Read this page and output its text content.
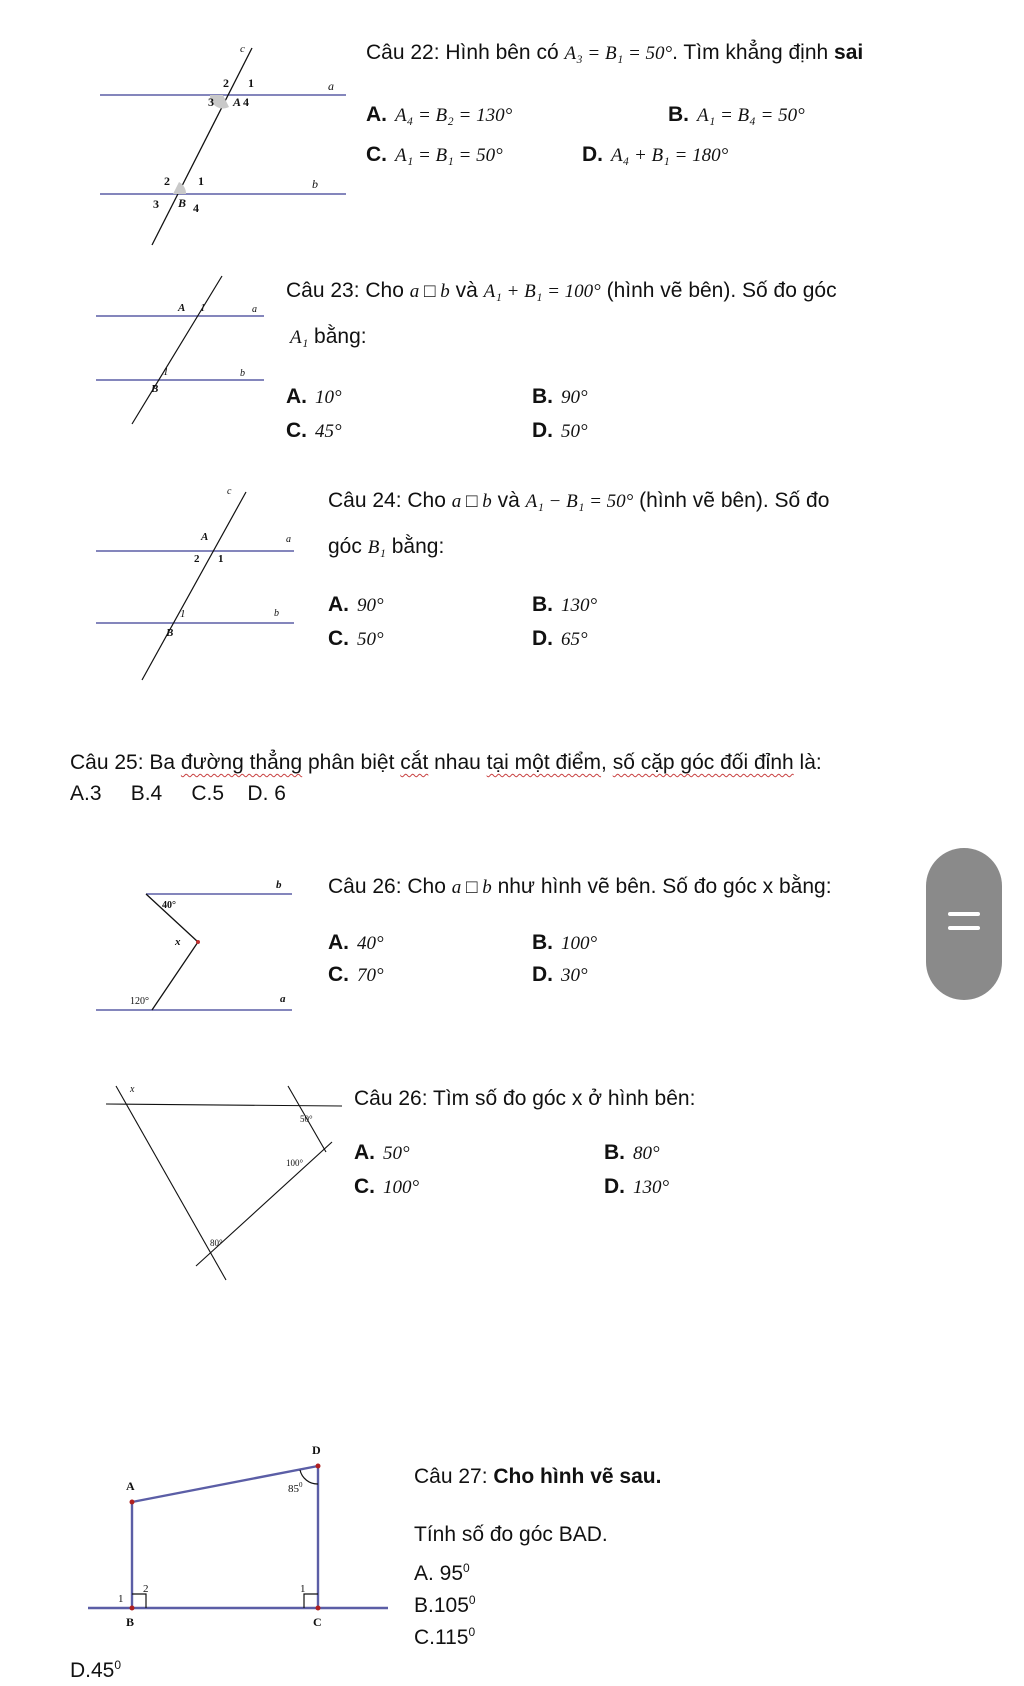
c
a
b
2 1
3 A 4
2 1
3 B 4
Câu 22: Hình bên có A₃ = B₁ = 50°. Tìm khẳng định sai
A. A₄ = B₂ = 130°	B. A₁ = B₄ = 50°
C. A₁ = B₁ = 50°	D. A₄ + B₁ = 180°
A 1	a
1
B
b
Câu 23: Cho a □ b và A₁ + B₁ = 100° (hình vẽ bên). Số đo góc
A₁ bằng:
A. 10°	B. 90°
C. 45°	D. 50°
c
A
2 1
a
1
B
b
Câu 24: Cho a □ b và A₁ − B₁ = 50° (hình vẽ bên). Số đo
góc B₁ bằng:
A. 90°	B. 130°
C. 50°	D. 65°
Câu 25: Ba đường thẳng phân biệt cắt nhau tại một điểm, số cặp góc đối đỉnh là:
A.3     B.4     C.5    D. 6
b
a
x
40°
120°
Câu 26: Cho a □ b như hình vẽ bên. Số đo góc x bằng:
A. 40°	B. 100°
C. 70°	D. 30°
x
50°
100°
80°
Câu 26: Tìm số đo góc x ở hình bên:
A. 50°	B. 80°
C. 100°	D. 130°
D
A
B	C
$85^0$
1
2	1
Câu 27: Cho hình vẽ sau.
Tính số đo góc BAD.
A. $95^0$
B.105$^0$
C.115$^0$
$D.45^0$
